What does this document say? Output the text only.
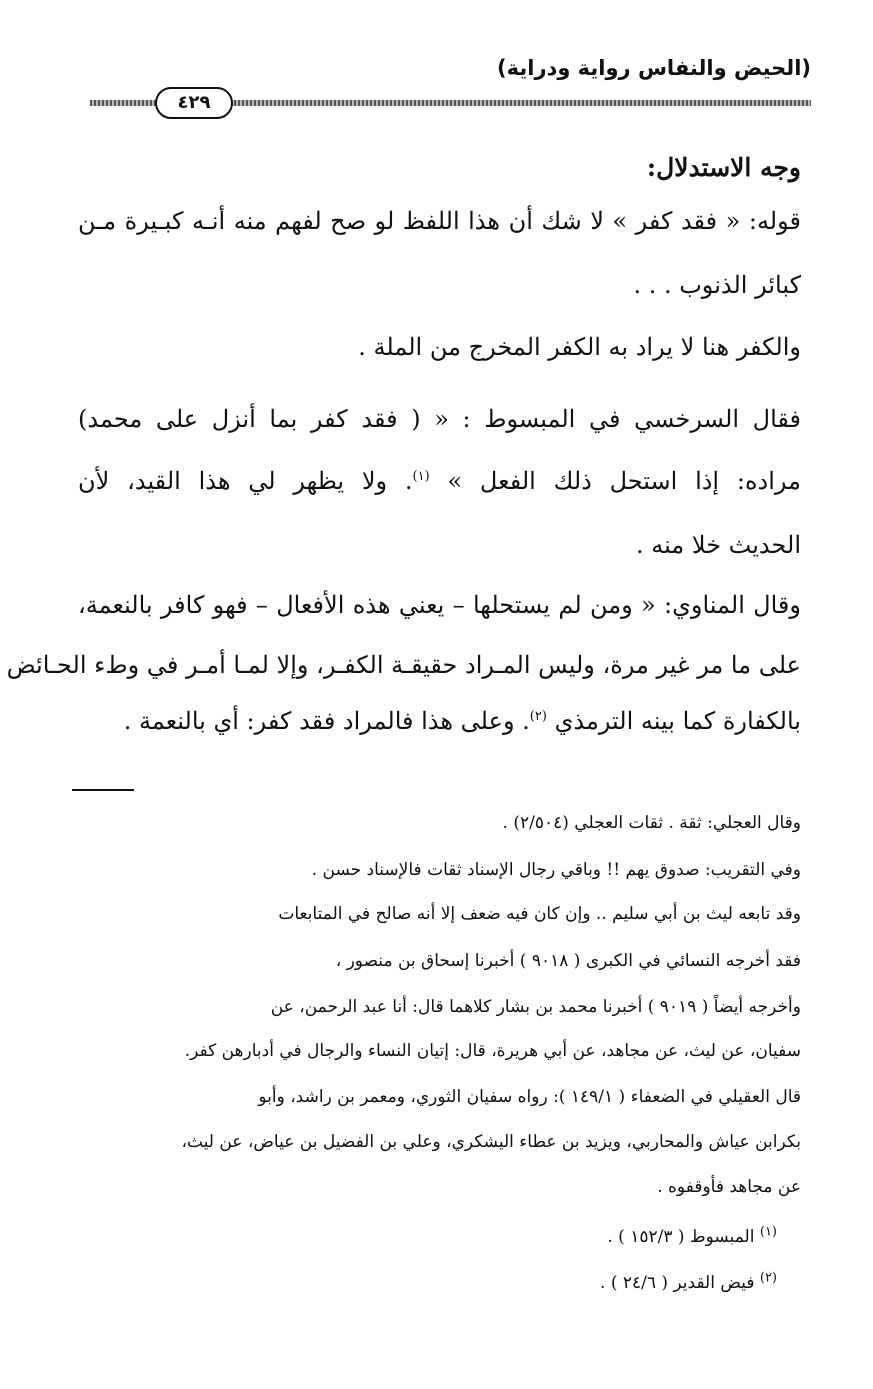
(الحيض والنفاس رواية ودراية)
٤٢٩
وجه الاستدلال:
قوله: « فقد كفر » لا شك أن هذا اللفظ لو صح لفهم منه أنـه كبـيرة مـن
كبائر الذنوب . . .
والكفر هنا لا يراد به الكفر المخرج من الملة .
فقال السرخسي في المبسوط : « ( فقد كفر بما أنزل على محمد)
مراده: إذا استحل ذلك الفعل » $^{(١)}$. ولا يظهر لي هذا القيد، لأن
الحديث خلا منه .
وقال المناوي: « ومن لم يستحلها – يعني هذه الأفعال – فهو كافر بالنعمة،
على ما مر غير مرة، وليس المـراد حقيقـة الكفـر، وإلا لمـا أمـر في وطء الحـائض
بالكفارة كما بينه الترمذي $^{(٢)}$. وعلى هذا فالمراد فقد كفر: أي بالنعمة .
وقال العجلي: ثقة . ثقات العجلي (٢/٥٠٤) .
وفي التقريب: صدوق يهم !! وباقي رجال الإسناد ثقات فالإسناد حسن .
وقد تابعه ليث بن أبي سليم .. وإن كان فيه ضعف إلا أنه صالح في المتابعات
فقد أخرجه النسائي في الكبرى ( ٩٠١٨ ) أخبرنا إسحاق بن منصور ،
وأخرجه أيضاً ( ٩٠١٩ ) أخبرنا محمد بن بشار كلاهما قال: أنا عبد الرحمن، عن
سفيان، عن ليث، عن مجاهد، عن أبي هريرة، قال: إتيان النساء والرجال في أدبارهن كفر.
قال العقيلي في الضعفاء ( ١٤٩/١ ): رواه سفيان الثوري، ومعمر بن راشد، وأبو
بكرابن عياش والمحاربي، ويزيد بن عطاء اليشكري، وعلي بن الفضيل بن عياض، عن ليث،
عن مجاهد فأوقفوه .
$^{(١)}$ المبسوط ( ١٥٢/٣ ) .
$^{(٢)}$ فيض القدير ( ٢٤/٦ ) .
